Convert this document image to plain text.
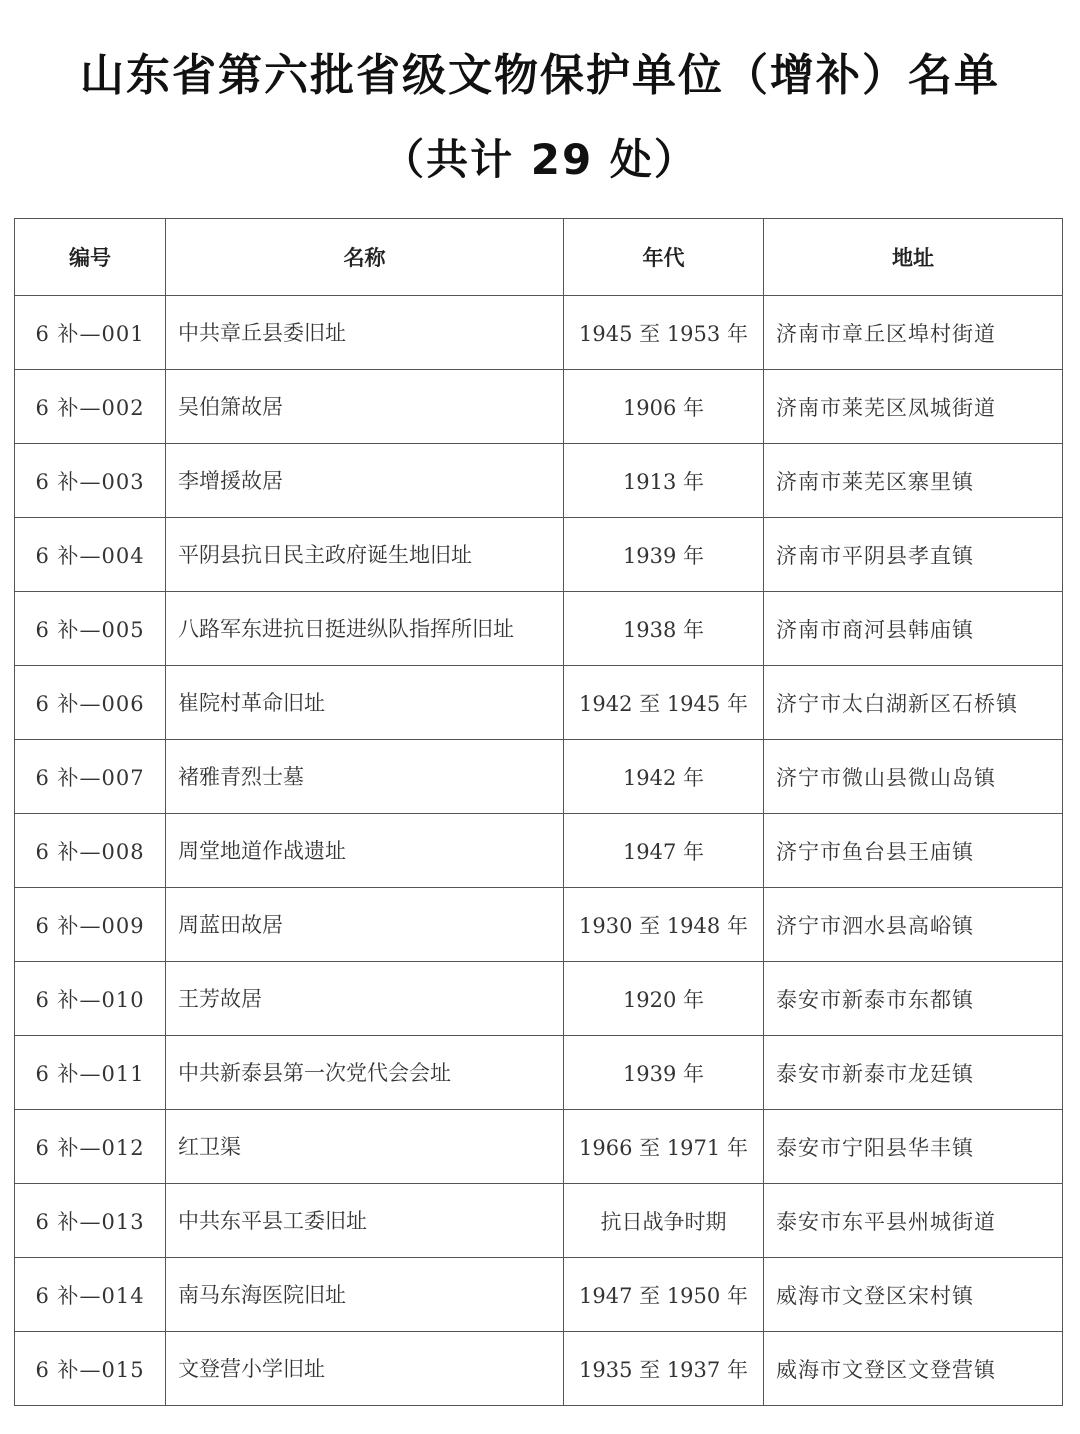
山东省第六批省级文物保护单位（增补）名单
（共计 29 处）
编号	名称	年代	地址
6 补—001	中共章丘县委旧址	1945 至 1953 年	济南市章丘区埠村街道
6 补—002	吴伯箫故居	1906 年	济南市莱芜区凤城街道
6 补—003	李增援故居	1913 年	济南市莱芜区寨里镇
6 补—004	平阴县抗日民主政府诞生地旧址	1939 年	济南市平阴县孝直镇
6 补—005	八路军东进抗日挺进纵队指挥所旧址	1938 年	济南市商河县韩庙镇
6 补—006	崔院村革命旧址	1942 至 1945 年	济宁市太白湖新区石桥镇
6 补—007	褚雅青烈士墓	1942 年	济宁市微山县微山岛镇
6 补—008	周堂地道作战遗址	1947 年	济宁市鱼台县王庙镇
6 补—009	周蓝田故居	1930 至 1948 年	济宁市泗水县高峪镇
6 补—010	王芳故居	1920 年	泰安市新泰市东都镇
6 补—011	中共新泰县第一次党代会会址	1939 年	泰安市新泰市龙廷镇
6 补—012	红卫渠	1966 至 1971 年	泰安市宁阳县华丰镇
6 补—013	中共东平县工委旧址	抗日战争时期	泰安市东平县州城街道
6 补—014	南马东海医院旧址	1947 至 1950 年	威海市文登区宋村镇
6 补—015	文登营小学旧址	1935 至 1937 年	威海市文登区文登营镇
